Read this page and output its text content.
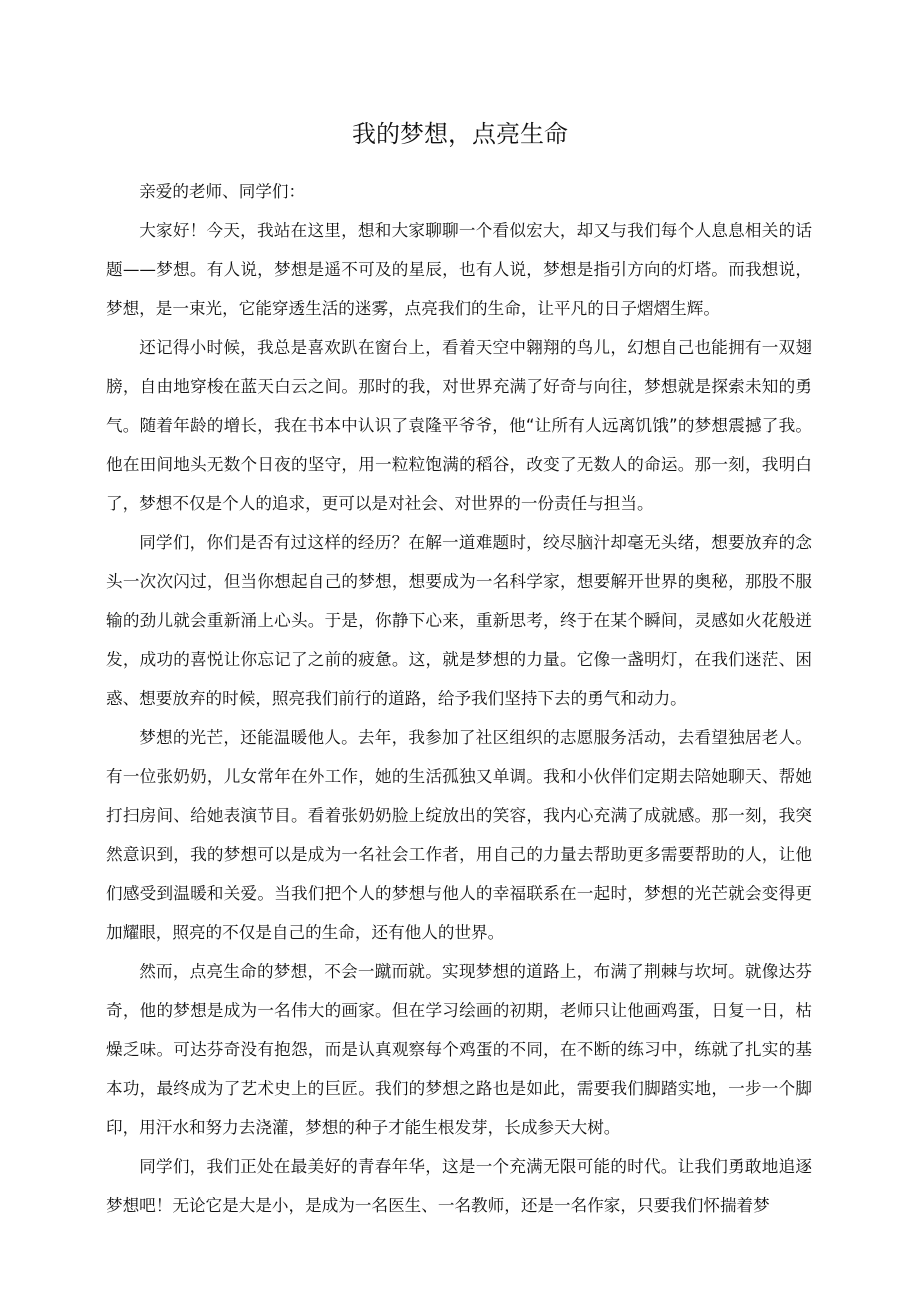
我的梦想，点亮生命

亲爱的老师、同学们：

大家好！今天，我站在这里，想和大家聊聊一个看似宏大，却又与我们每个人息息相关的话题——梦想。有人说，梦想是遥不可及的星辰，也有人说，梦想是指引方向的灯塔。而我想说，梦想，是一束光，它能穿透生活的迷雾，点亮我们的生命，让平凡的日子熠熠生辉。

还记得小时候，我总是喜欢趴在窗台上，看着天空中翱翔的鸟儿，幻想自己也能拥有一双翅膀，自由地穿梭在蓝天白云之间。那时的我，对世界充满了好奇与向往，梦想就是探索未知的勇气。随着年龄的增长，我在书本中认识了袁隆平爷爷，他“让所有人远离饥饿”的梦想震撼了我。他在田间地头无数个日夜的坚守，用一粒粒饱满的稻谷，改变了无数人的命运。那一刻，我明白了，梦想不仅是个人的追求，更可以是对社会、对世界的一份责任与担当。

同学们，你们是否有过这样的经历？在解一道难题时，绞尽脑汁却毫无头绪，想要放弃的念头一次次闪过，但当你想起自己的梦想，想要成为一名科学家，想要解开世界的奥秘，那股不服输的劲儿就会重新涌上心头。于是，你静下心来，重新思考，终于在某个瞬间，灵感如火花般迸发，成功的喜悦让你忘记了之前的疲惫。这，就是梦想的力量。它像一盏明灯，在我们迷茫、困惑、想要放弃的时候，照亮我们前行的道路，给予我们坚持下去的勇气和动力。

梦想的光芒，还能温暖他人。去年，我参加了社区组织的志愿服务活动，去看望独居老人。有一位张奶奶，儿女常年在外工作，她的生活孤独又单调。我和小伙伴们定期去陪她聊天、帮她打扫房间、给她表演节目。看着张奶奶脸上绽放出的笑容，我内心充满了成就感。那一刻，我突然意识到，我的梦想可以是成为一名社会工作者，用自己的力量去帮助更多需要帮助的人，让他们感受到温暖和关爱。当我们把个人的梦想与他人的幸福联系在一起时，梦想的光芒就会变得更加耀眼，照亮的不仅是自己的生命，还有他人的世界。

然而，点亮生命的梦想，不会一蹴而就。实现梦想的道路上，布满了荆棘与坎坷。就像达芬奇，他的梦想是成为一名伟大的画家。但在学习绘画的初期，老师只让他画鸡蛋，日复一日，枯燥乏味。可达芬奇没有抱怨，而是认真观察每个鸡蛋的不同，在不断的练习中，练就了扎实的基本功，最终成为了艺术史上的巨匠。我们的梦想之路也是如此，需要我们脚踏实地，一步一个脚印，用汗水和努力去浇灌，梦想的种子才能生根发芽，长成参天大树。

同学们，我们正处在最美好的青春年华，这是一个充满无限可能的时代。让我们勇敢地追逐梦想吧！无论它是大是小，是成为一名医生、一名教师，还是一名作家，只要我们怀揣着梦
